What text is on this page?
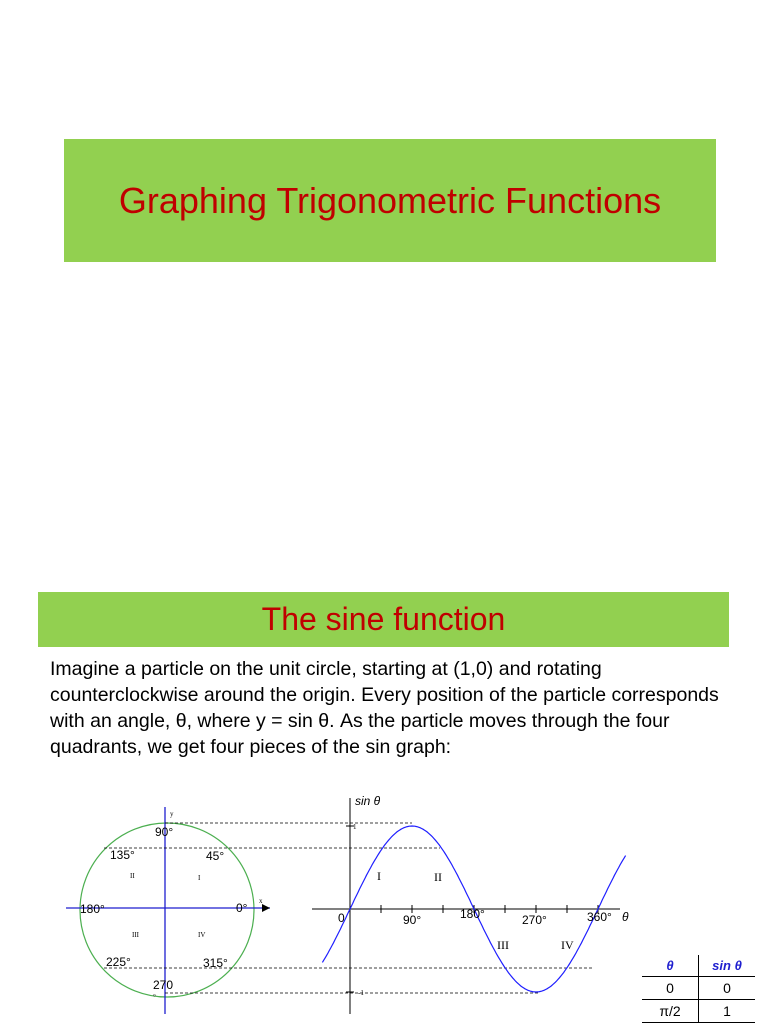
Graphing Trigonometric Functions
The sine function

Imagine a particle on the unit circle, starting at (1,0) and rotating counterclockwise around the origin. Every position of the particle corresponds with an angle, θ, where y = sin θ. As the particle moves through the four quadrants, we get four pieces of the sin graph:

y
x
90°
45°
135°
180°	0°
225°	315°
270
°
I
II
III	IV
sin θ
θ
1
-1
0	90°	180°	270°	360°
I	II
III	IV
θ	sin θ
0	0
π/2	1
